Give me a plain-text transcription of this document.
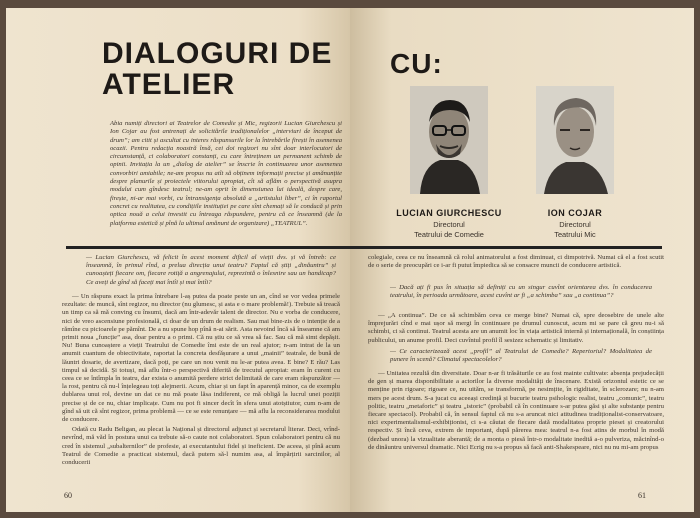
DIALOGURI DE
ATELIER
Abia numiți directori ai Teatrelor de Comedie și Mic, regizorii Lucian Giurchescu și Ion Cojar au fost antrenați de solicitările tradiționalelor „interviuri de început de drum”; am citit și ascultat cu interes răspunsurile lor la întrebările firești în asemenea ocazii. Pentru redacția noastră însă, cei doi regizori nu sînt doar interlocutori de circumstanță, ci colaboratori constanți, cu care întreținem un permanent schimb de opinii. Invitația la un „dialog de atelier” se înscrie în continuarea unor asemenea convorbiri amiabile; ne-am propus nu atît să obținem informații precise și amănunțite despre planurile și proiectele viitorului apropiat, cît să aflăm o perspectivă asupra modului cum gîndesc teatrul; ne-am oprit în dimensiunea lui ideală, despre care, firește, ni-ar mai vorbi, cu întransigența absolută a „artistului liber”, ci în raportul concret cu realitatea, cu condițiile instituției pe care sînt chemați să le conducă și prin optica nouă a celui investit cu întreaga răspundere, pentru că ce înseamnă (de la platforma estetică și pînă la ultimul amănunt de organizare) „TEATRUL”.
— Lucian Giurchescu, vă felicit în acest moment dificil al vieții dvs. și vă întreb: ce înseamnă, în primul rînd, a prelua direcția unui teatru? Faptul că știți „dinăuntru” și cunoașteți fiecare om, fiecare rotiță a angrenajului, reprezintă o înlesnire sau un handicap? Ce aveți de gînd să faceți mai întîi și mai întîi?

— Un răspuns exact la prima întrebare l-aș putea da poate peste un an, cînd se vor vedea primele rezultate: de muncă, sînt regizor, nu director (nu glumesc, și asta e o mare problemă!). Trebuie să treacă un timp ca să mă conving cu însumi, dacă am într-adevăr talent de director. Nu e vorba de conducere, nici de vreo ascensiune profesională, ci doar de un drum de realism. Sau mai bine-zis de o intenție de a rămîne cu picioarele pe pămînt. De a nu spune hop pînă n-ai sărit. Asta nevoind încă să înseamne că am primit noua „funcție” asa, doar pentru a o primi. Că nu știu ce să vrea să fac. Sau că mă simt depășit. Nu! Buna cunoaștere a vieții Teatrului de Comedie îmi este de un real ajutor; n-am intrat de la un anumit cuantum de obiectivitate, raportat la concreta desfășurare a unui „mainii” teatrale, de bună de lăuntri dosarie, de avertizare, dacă poți, pe care un nou venit nu le-ar putea avea. E bine? E rău? Las timpul să decidă. Și totuși, mă aflu într-o perspectivă diferită de trecutul apropiat: eram în curent cu ceea ce se întîmpla în teatru, dar exista o anumită perdere strict delimitată de care eram răspunzător — la rost, pentru că nu-l înțelegeau toți alejmerii. Acum, chiar și un fapt în aparență minor, ca de exemplu dublarea unui rol, devine un dat ce nu mă poate lăsa indiferent, ce mă obligă la lucrul unei poziții precise și de ce nu, chiar implicațe. Cum nu pot fi sincer decît în sfera unui atotștiutor, cum n-am de gînd să uit că sînt regizor, prima problemă — ce se este renunțare — mă aflu la reconsiderarea modului de conducere.

Odată cu Radu Beligan, au plecat la Național și directorul adjunct și secretarul literar. Deci, vrînd-nevrînd, mă văd în postura unui ca trebuie să-o caute noi colaboratori. Spun colaboratori pentru că nu cred în sistemul „subalternilor” de profesie, ai executantului fidel și ineficient. De aceea, și pînă acum Teatrul de Comedie a practicat sistemul, dacă putem să-l numim asa, al împărțirii sarcinilor, al conducerii

60
CU:
LUCIAN GIURCHESCU
Directorul
Teatrului de Comedie
ION COJAR
Directorul
Teatrului Mic

colegiale, ceea ce nu înseamnă că rolul animatorului a fost diminuat, ci dimpotrivă. Numai că el a fost scutit de o serie de preocupări ce i-ar fi putut împiedica să se consacre muncii de conducere artistică.

— Dacă ați fi pus în situația să definiți cu un singur cuvînt orientarea dvs. în conducerea teatrului, în perioada următoare, acest cuvînt ar fi „a schimba” sau „a continua”?

— „A continua”. De ce să schimbăm ceva ce merge bine? Numai că, spre deosebire de unele alte împrejurări cînd e mai ușor să mergi în continuare pe drumul cunoscut, acum mi se pare că greu nu-i să schimbi, ci să continui. Teatrul acesta are un anumit loc în viața artistică internă și internațională, în conștiința publicului, un anume profil. Deci cuvîntul profil îl sesizez schematic și limitativ.

— Ce caracterizează acest „profil” al Teatrului de Comedie? Repertoriul? Modalitatea de punere în scenă? Climatul spectacolelor?

— Unitatea rezultă din diversitate. Doar n-ar fi trăsăturile ce au fost mainte cultivate: absența prejudecății de gen și marea disponibilitate a actorilor la diverse modalități de înscenare. Există orizontul estetic ce se menține prin rigoare; rigoare ce, nu uităm, se transformă, pe nesimțite, în rigiditate, în sclerozare; nu n-am mers pe acest drum. S-a jucat cu aceeași credință și bucurie teatru psihologic realist, teatru „comunic”, teatru politic, teatru „metaforic” și teatru „istoric” (probabil că în continuare s-ar putea găsi și alte substanțe pentru fiecare spectacol). Probabil că, în sensul faptul că nu s-a aruncat nici atitudinea tradiționalist-conservatoare, nici experimentalismul-exhibiționist, ci s-a căutat de fiecare dată modalitatea proprie piesei și creatorului respectiv. Și încă ceva, extrem de important, după părerea mea: teatrul n-a fost atins de morbul în modă (dezbad unora) la vizualitate aberantă; de a monta o piesă într-o modalitate inedită a-o pulveriza, măcinînd-o de dinăuntru universul dramatic. Nici Ecrig nu s-a propus să facă anti-Shakespeare, nici nu nu mi-am propus

61
